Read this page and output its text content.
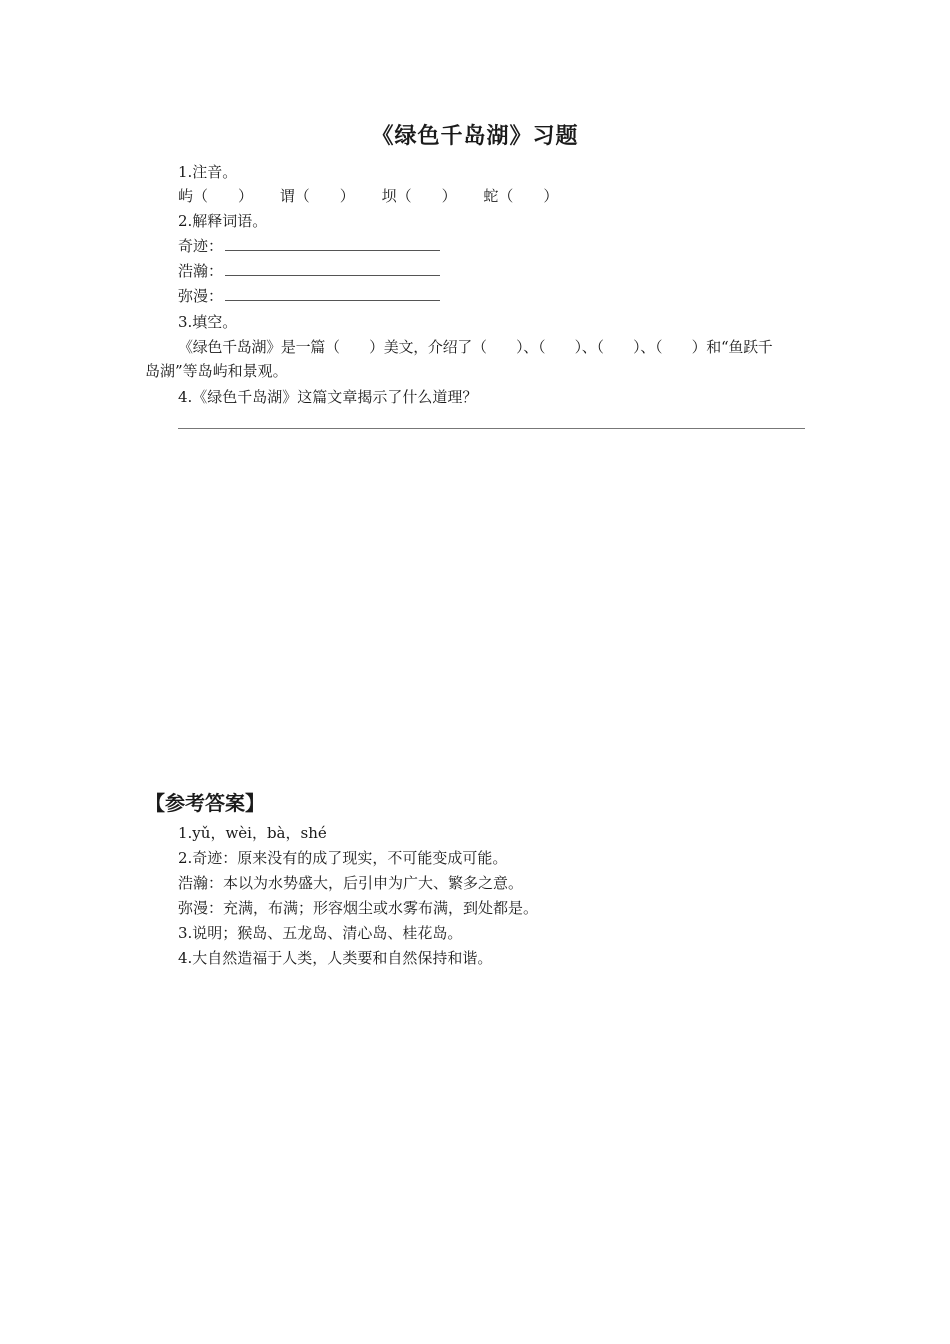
《绿色千岛湖》习题
1.注音。
屿（　　） 谓（　　） 坝（　　） 蛇（　　）
2.解释词语。
奇迹：
浩瀚：
弥漫：
3.填空。
《绿色千岛湖》是一篇（　　）美文，介绍了（　　）、（　　）、（　　）、（　　）和“鱼跃千
岛湖”等岛屿和景观。
4.《绿色千岛湖》这篇文章揭示了什么道理？
【参考答案】
1.yǔ，wèi，bà，shé
2.奇迹：原来没有的成了现实，不可能变成可能。
浩瀚：本以为水势盛大，后引申为广大、繁多之意。
弥漫：充满，布满；形容烟尘或水雾布满，到处都是。
3.说明；猴岛、五龙岛、清心岛、桂花岛。
4.大自然造福于人类，人类要和自然保持和谐。
